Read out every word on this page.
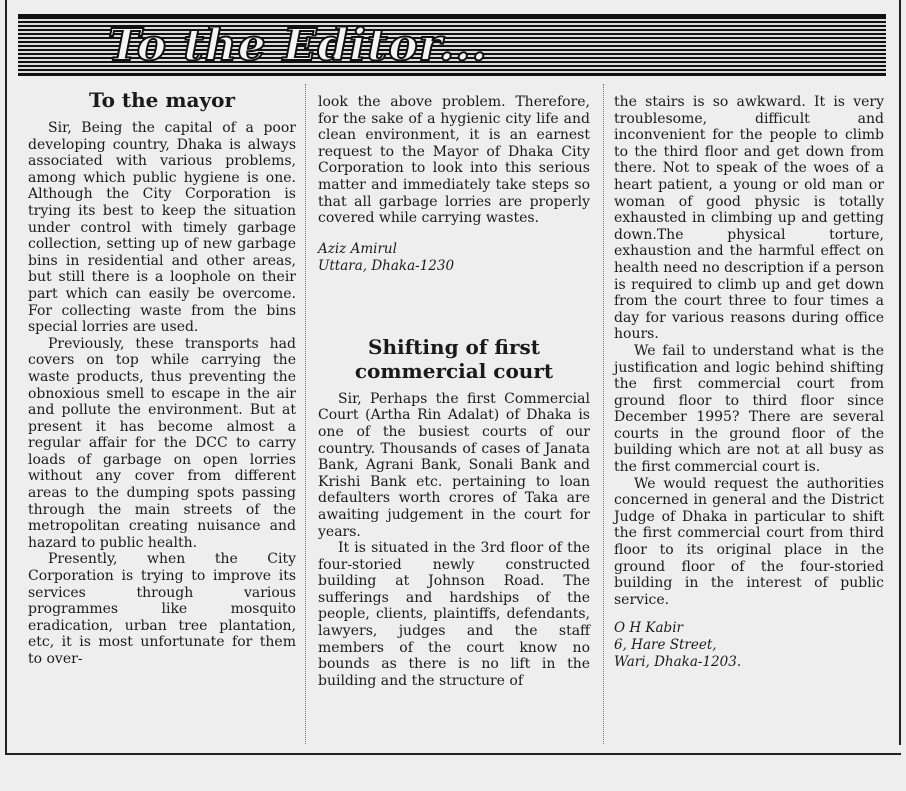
To the Editor...
To the mayor

Sir, Being the capital of a poor developing country, Dhaka is always associated with various problems, among which public hygiene is one. Although the City Corporation is trying its best to keep the situation under control with timely garbage collection, setting up of new garbage bins in residential and other areas, but still there is a loophole on their part which can easily be overcome. For collecting waste from the bins special lorries are used.

Previously, these transports had covers on top while carrying the waste products, thus preventing the obnoxious smell to escape in the air and pollute the environment. But at present it has become almost a regular affair for the DCC to carry loads of garbage on open lorries without any cover from different areas to the dumping spots passing through the main streets of the metropolitan creating nuisance and hazard to public health.

Presently, when the City Corporation is trying to improve its services through various programmes like mosquito eradication, urban tree plantation, etc, it is most unfortunate for them to over-

look the above problem. Therefore, for the sake of a hygienic city life and clean environment, it is an earnest request to the Mayor of Dhaka City Corporation to look into this serious matter and immediately take steps so that all garbage lorries are properly covered while carrying wastes.

Aziz Amirul
Uttara, Dhaka-1230
Shifting of first
commercial court

Sir, Perhaps the first Commercial Court (Artha Rin Adalat) of Dhaka is one of the busiest courts of our country. Thousands of cases of Janata Bank, Agrani Bank, Sonali Bank and Krishi Bank etc. pertaining to loan defaulters worth crores of Taka are awaiting judgement in the court for years.

It is situated in the 3rd floor of the four-storied newly constructed building at Johnson Road. The sufferings and hardships of the people, clients, plaintiffs, defendants, lawyers, judges and the staff members of the court know no bounds as there is no lift in the building and the structure of

the stairs is so awkward. It is very troublesome, difficult and inconvenient for the people to climb to the third floor and get down from there. Not to speak of the woes of a heart patient, a young or old man or woman of good physic is totally exhausted in climbing up and getting down.The physical torture, exhaustion and the harmful effect on health need no description if a person is required to climb up and get down from the court three to four times a day for various reasons during office hours.

We fail to understand what is the justification and logic behind shifting the first commercial court from ground floor to third floor since December 1995? There are several courts in the ground floor of the building which are not at all busy as the first commercial court is.

We would request the authorities concerned in general and the District Judge of Dhaka in particular to shift the first commercial court from third floor to its original place in the ground floor of the four-storied building in the interest of public service.

O H Kabir
6, Hare Street,
Wari, Dhaka-1203.
